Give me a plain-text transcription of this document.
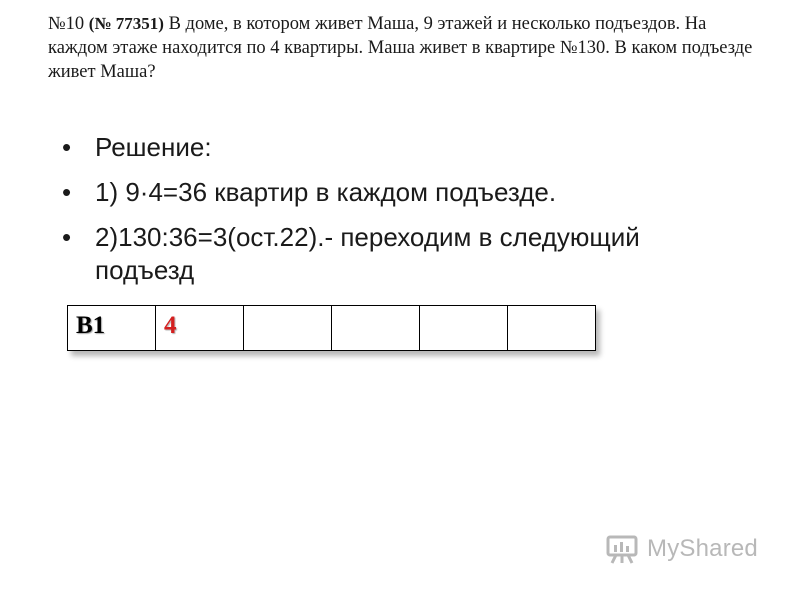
№10 (№ 77351) В доме, в котором живет Маша, 9 этажей и несколько подъездов. На каждом этаже находится по 4 квартиры. Маша живет в квартире №130. В каком подъезде живет Маша?

• Решение:
• 1) 9·4=36 квартир в каждом подъезде.
• 2)130:36=3(ост.22).- переходим в следующий подъезд
B1	4				
MyShared
